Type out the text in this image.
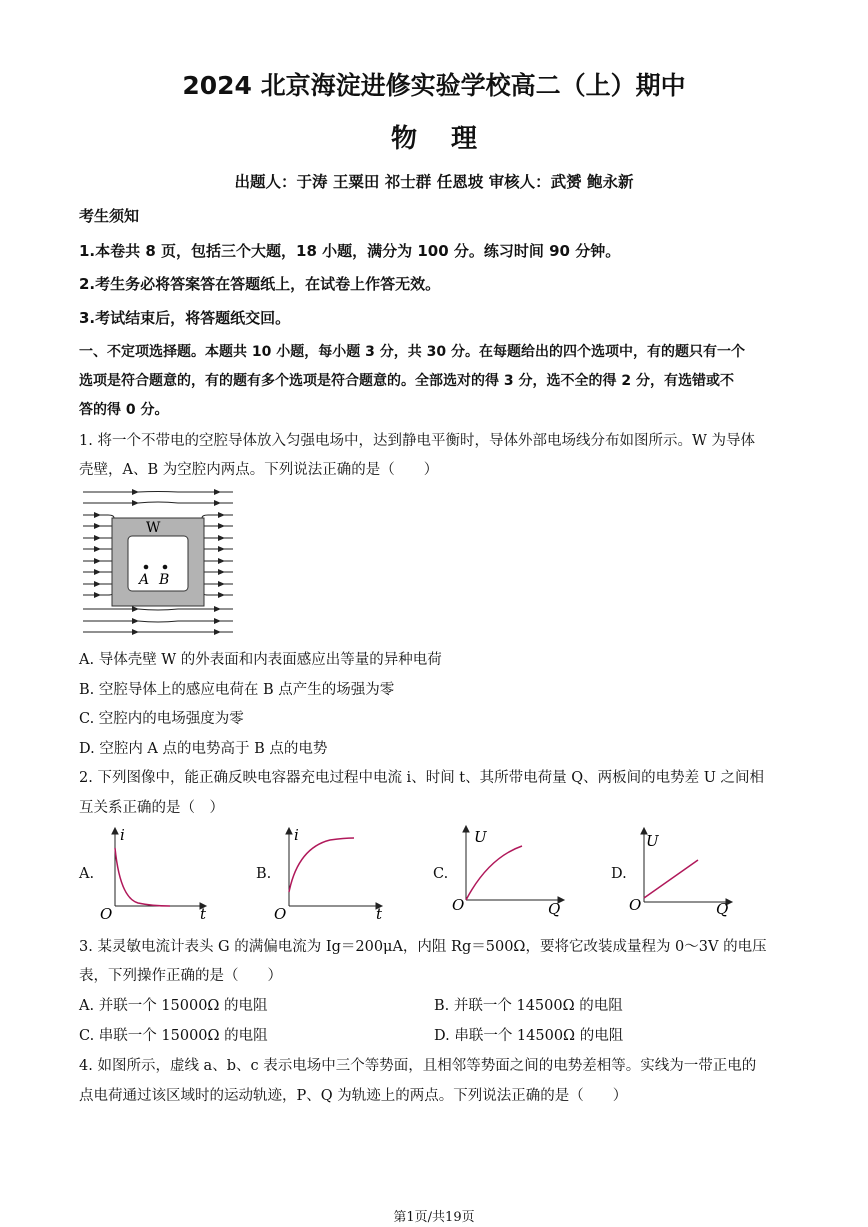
2024 北京海淀进修实验学校高二（上）期中
物理
出题人：于涛 王粟田 祁士群 任恩坡 审核人：武赟 鲍永新
考生须知
1.本卷共 8 页，包括三个大题，18 小题，满分为 100 分。练习时间 90 分钟。
2.考生务必将答案答在答题纸上，在试卷上作答无效。
3.考试结束后，将答题纸交回。
一、不定项选择题。本题共 10 小题，每小题 3 分，共 30 分。在每题给出的四个选项中，有的题只有一个
选项是符合题意的，有的题有多个选项是符合题意的。全部选对的得 3 分，选不全的得 2 分，有选错或不
答的得 0 分。
1. 将一个不带电的空腔导体放入匀强电场中，达到静电平衡时，导体外部电场线分布如图所示。W 为导体
壳壁，A、B 为空腔内两点。下列说法正确的是（　　）
W
A B
A. 导体壳壁 W 的外表面和内表面感应出等量的异种电荷
B. 空腔导体上的感应电荷在 B 点产生的场强为零
C. 空腔内的电场强度为零
D. 空腔内 A 点的电势高于 B 点的电势
2. 下列图像中，能正确反映电容器充电过程中电流 i、时间 t、其所带电荷量 Q、两板间的电势差 U 之间相
互关系正确的是（　）
A.
i
t
O
B.
i
t
O
C.
U
Q
O
D.
U
Q
O
3. 某灵敏电流计表头 G 的满偏电流为 Ig＝200μA，内阻 Rg＝500Ω，要将它改装成量程为 0～3V 的电压
表，下列操作正确的是（　　）
A. 并联一个 15000Ω 的电阻	B. 并联一个 14500Ω 的电阻
C. 串联一个 15000Ω 的电阻	D. 串联一个 14500Ω 的电阻
4. 如图所示，虚线 a、b、c 表示电场中三个等势面，且相邻等势面之间的电势差相等。实线为一带正电的
点电荷通过该区域时的运动轨迹，P、Q 为轨迹上的两点。下列说法正确的是（　　）
第1页/共19页
